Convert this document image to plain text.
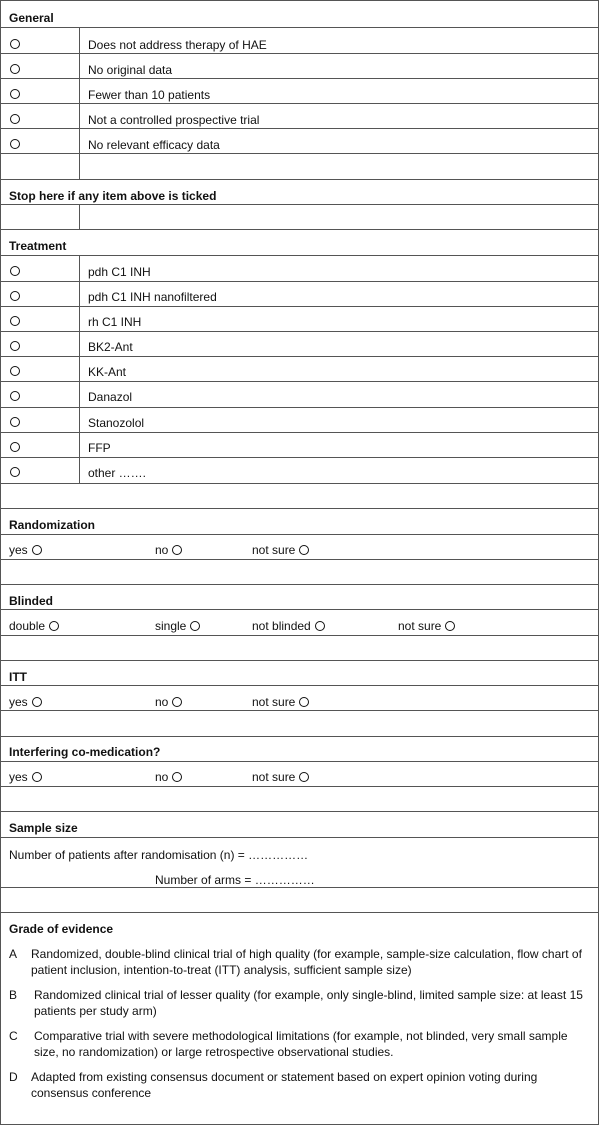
General
Does not address therapy of HAE
No original data
Fewer than 10 patients
Not a controlled prospective trial
No relevant efficacy data
Stop here if any item above is ticked
Treatment
pdh C1 INH
pdh C1 INH nanofiltered
rh C1 INH
BK2-Ant
KK-Ant
Danazol
Stanozolol
FFP
other …….
Randomization
yes	no	not sure
Blinded
double	single	not blinded	not sure
ITT
yes	no	not sure
Interfering co-medication?
yes	no	not sure
Sample size
Number of patients after randomisation (n) = ……………
Number of arms = ……………
Grade of evidence
A Randomized, double-blind clinical trial of high quality (for example, sample-size calculation, flow chart of patient inclusion, intention-to-treat (ITT) analysis, sufficient sample size)
B Randomized clinical trial of lesser quality (for example, only single-blind, limited sample size: at least 15 patients per study arm)
C Comparative trial with severe methodological limitations (for example, not blinded, very small sample size, no randomization) or large retrospective observational studies.
D Adapted from existing consensus document or statement based on expert opinion voting during consensus conference
